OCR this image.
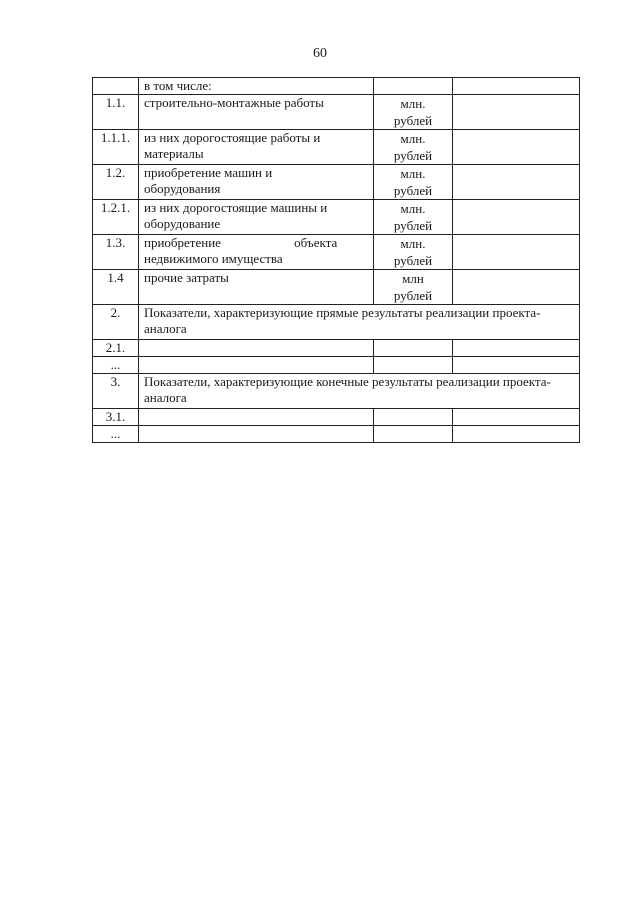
60
	в том числе:		
1.1.	строительно-монтажные работы	млн.
рублей	
1.1.1.	из них дорогостоящие работы и
материалы	млн.
рублей	
1.2.	приобретение машин и
оборудования	млн.
рублей	
1.2.1.	из них дорогостоящие машины и
оборудование	млн.
рублей	
1.3.	приобретение объекта
недвижимого имущества	млн.
рублей	
1.4	прочие затраты	млн
рублей	
2.	Показатели, характеризующие прямые результаты реализации проекта-аналога		
2.1.			
...			
3.	Показатели, характеризующие конечные результаты реализации проекта-аналога		
3.1.			
...			
